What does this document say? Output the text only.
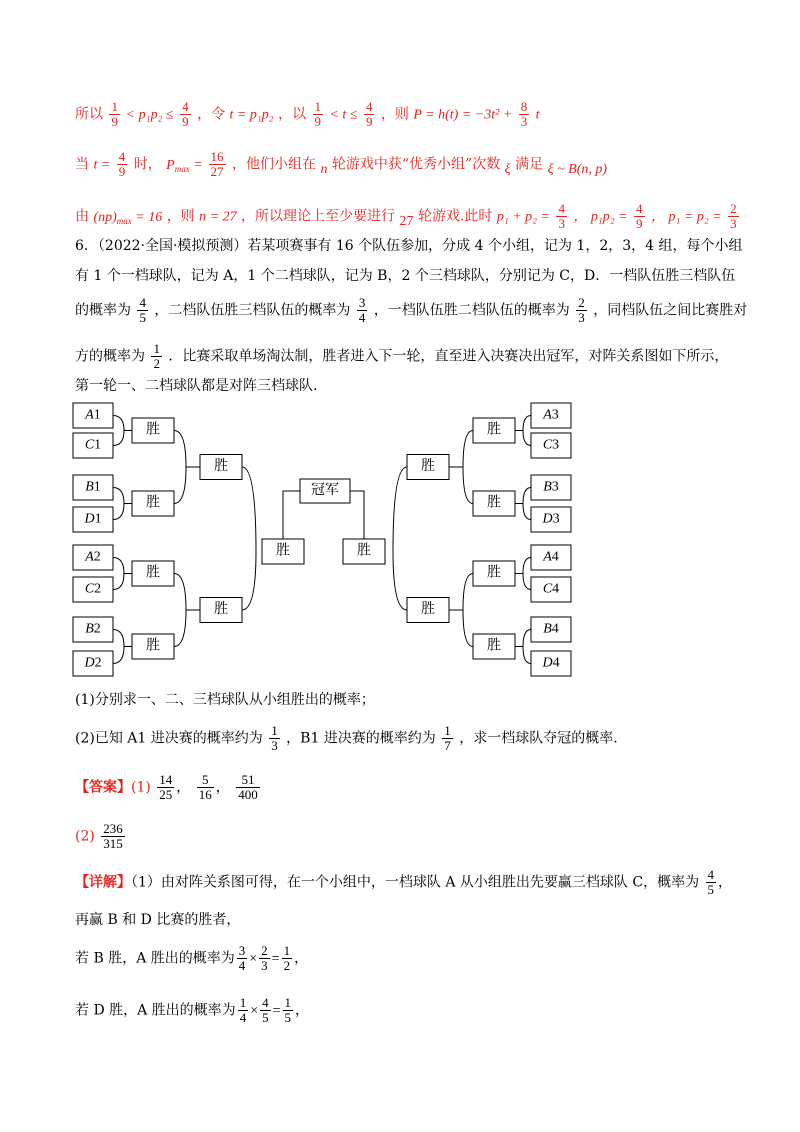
所以 $\frac{1}{9} < p_1p_2 \le \frac{4}{9}$ ，令 t = p₁p₂ ，以 $\frac{1}{9} < t \le \frac{4}{9}$ ，则 $P = h(t) = -3t^2 + \frac{8}{3}$ t
当 $t = \frac{4}{9}$ 时， $P_{max} = \frac{16}{27}$ ，他们小组在 n 轮游戏中获“优秀小组”次数 ξ 满足 ξ ~ B(n, p)
由 $(np)_{max} = 16$ ，则 n = 27 ，所以理论上至少要进行 27 轮游戏.此时 $p_1 + p_2 = \frac{4}{3}$ ， $p_1p_2 = \frac{4}{9}$ ， $p_1 = p_2 = \frac{2}{3}$
6．（2022·全国·模拟预测）若某项赛事有 16 个队伍参加，分成 4 个小组，记为 1，2，3，4 组，每个小组
有 1 个一档球队，记为 A，1 个二档球队，记为 B，2 个三档球队，分别记为 C，D．一档队伍胜三档队伍
的概率为 $\frac{4}{5}$ ，二档队伍胜三档队伍的概率为 $\frac{3}{4}$ ，一档队伍胜二档队伍的概率为 $\frac{2}{3}$ ，同档队伍之间比赛胜对
方的概率为 $\frac{1}{2}$ ．比赛采取单场淘汰制，胜者进入下一轮，直至进入决赛决出冠军，对阵关系图如下所示，
第一轮一、二档球队都是对阵三档球队.
A1
C1
胜
B1
D1
胜
A2
C2
胜
B2
D2
胜
胜
胜
胜
A3
C3
胜
B3
D3
胜
A4
C4
胜
B4
D4
胜
胜
胜
胜
冠军
(1)分别求一、二、三档球队从小组胜出的概率；
(2)已知 A1 进决赛的概率约为 $\frac{1}{3}$ ，B1 进决赛的概率约为 $\frac{1}{7}$ ，求一档球队夺冠的概率.
【答案】$(1) \frac{14}{25}$ ， $\frac{5}{16}$ ， $\frac{51}{400}$
$(2) \frac{236}{315}$
【详解】（1）由对阵关系图可得，在一个小组中，一档球队 A 从小组胜出先要赢三档球队 C，概率为 $\frac{4}{5}$ ，
再赢 B 和 D 比赛的胜者，
若 B 胜，A 胜出的概率为 $\frac{3}{4} \times \frac{2}{3} = \frac{1}{2}$ ，
若 D 胜，A 胜出的概率为 $\frac{1}{4} \times \frac{4}{5} = \frac{1}{5}$ ，
